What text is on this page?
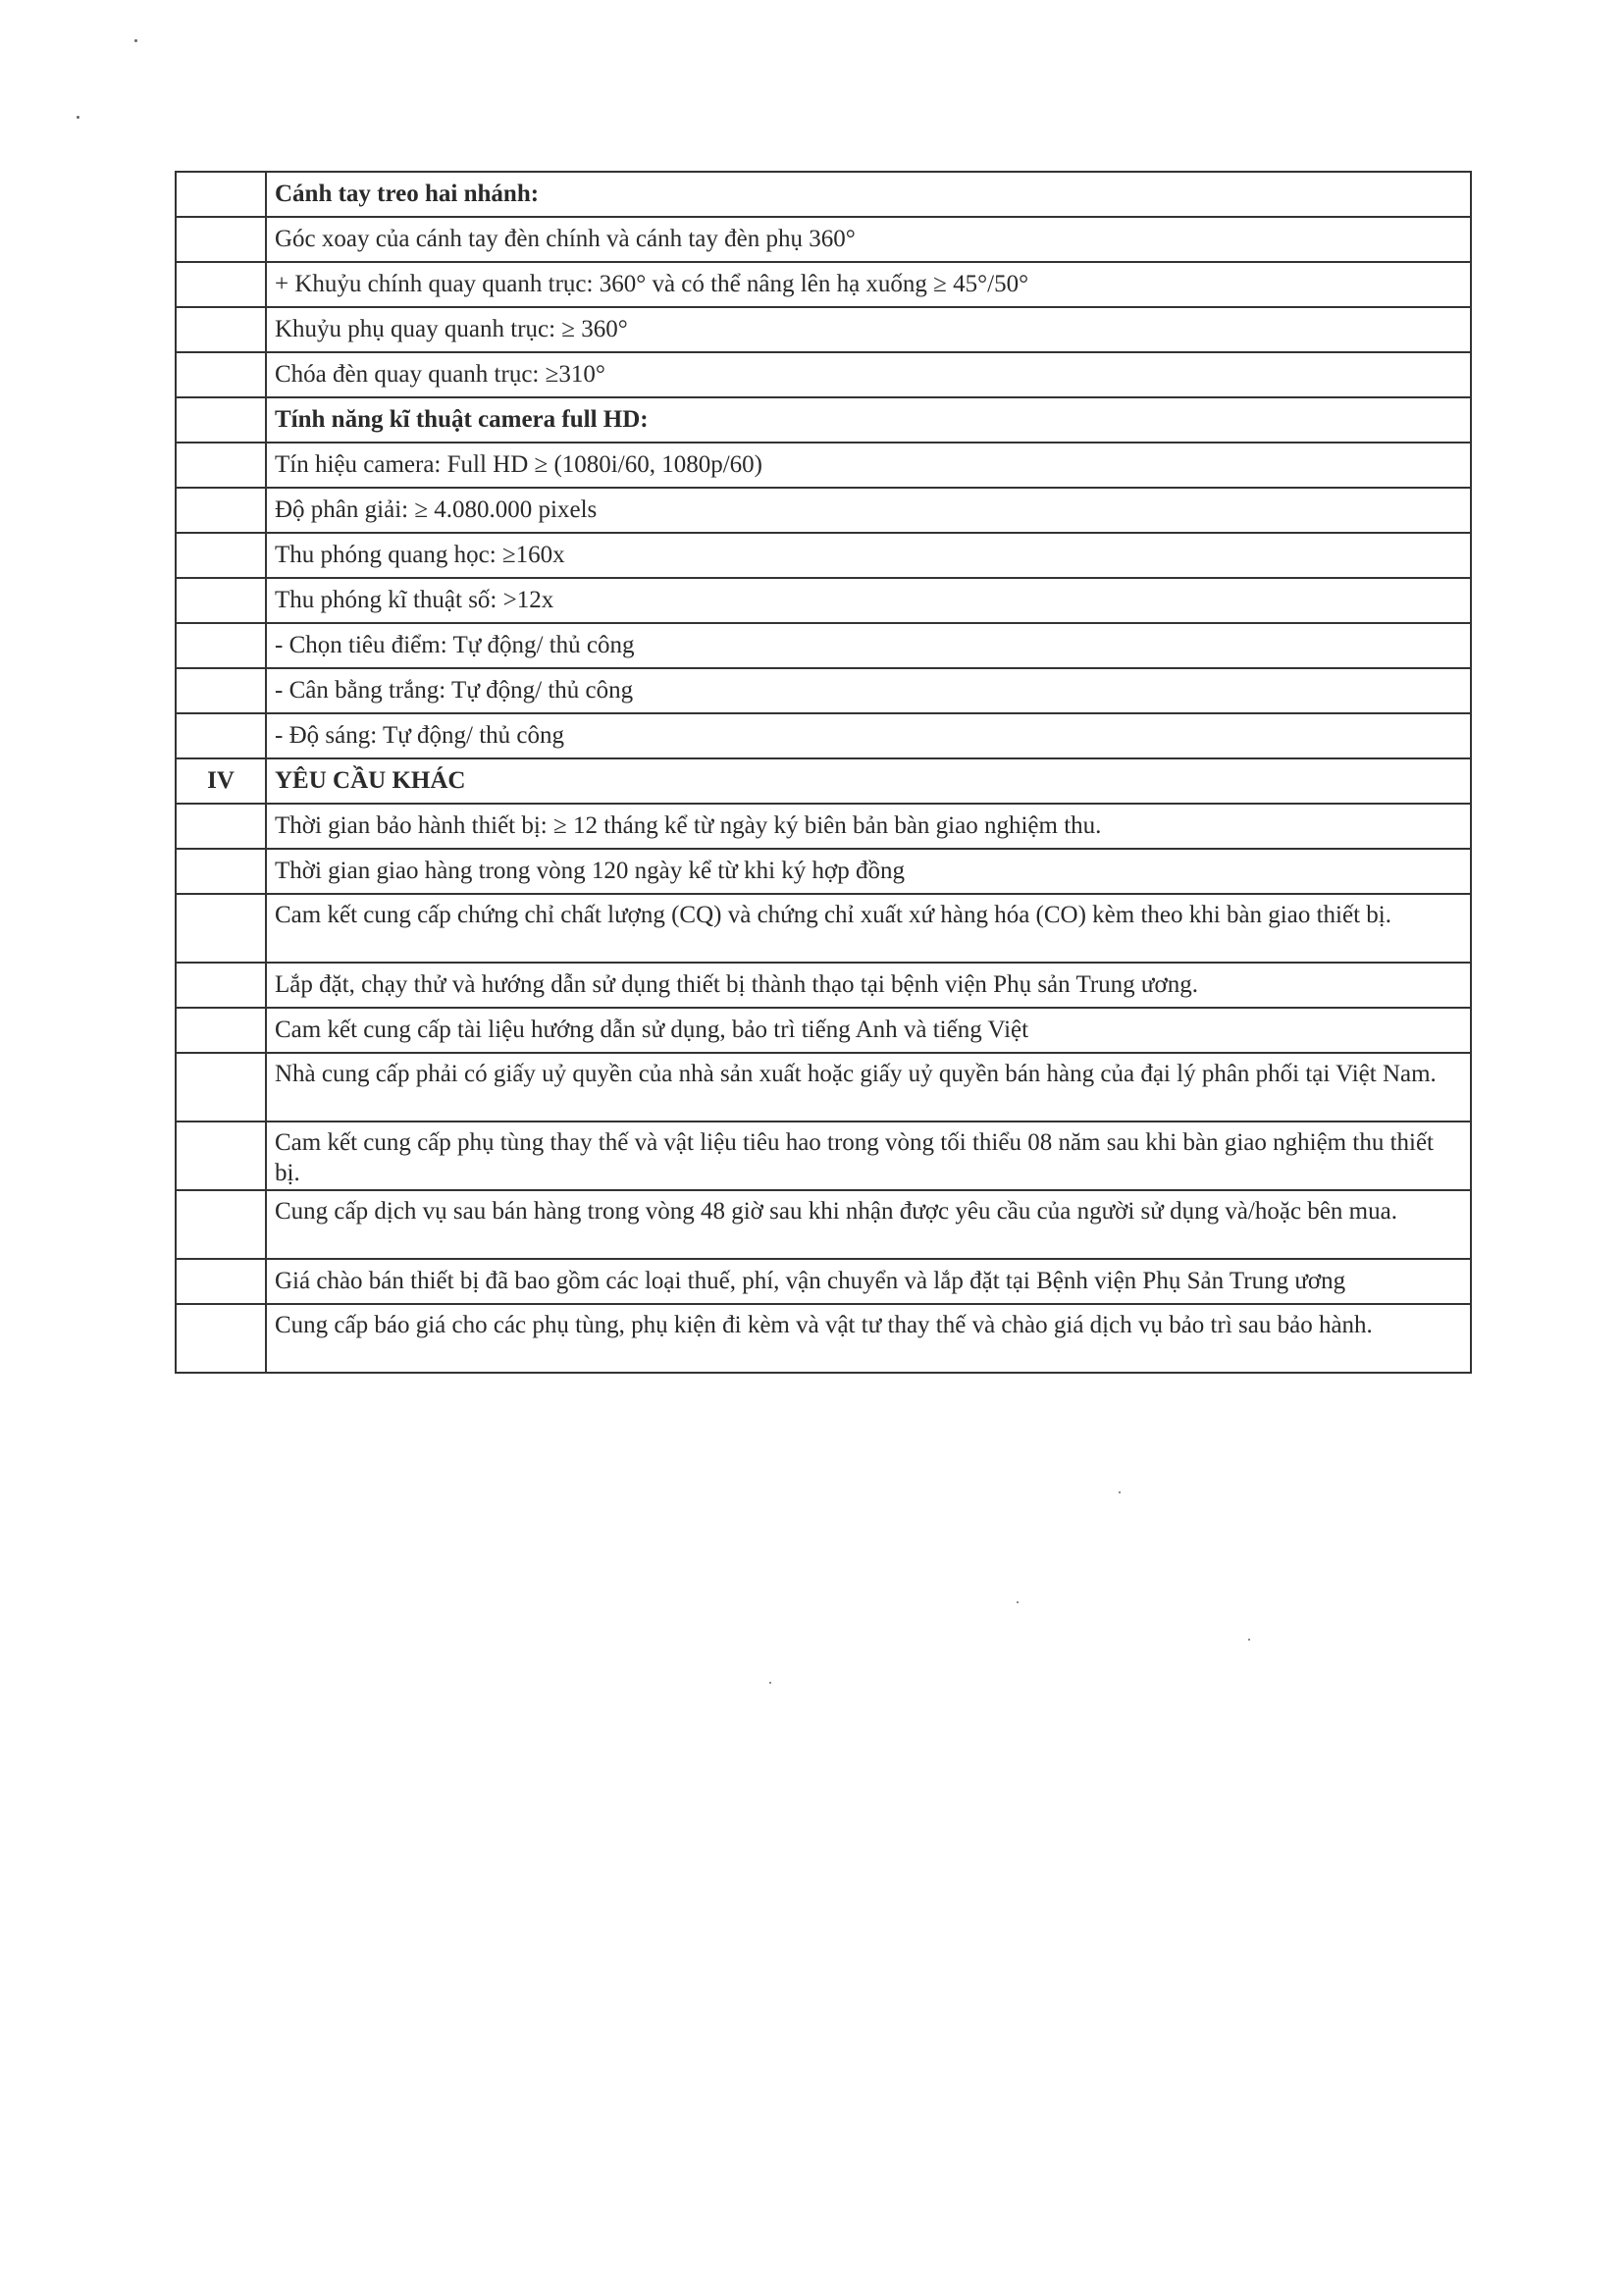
	Cánh tay treo hai nhánh:
	Góc xoay của cánh tay đèn chính và cánh tay đèn phụ 360°
	+ Khuỷu chính quay quanh trục: 360° và có thể nâng lên hạ xuống ≥ 45°/50°
	Khuỷu phụ quay quanh trục: ≥ 360°
	Chóa đèn quay quanh trục: ≥310°
	Tính năng kĩ thuật camera full HD:
	Tín hiệu camera: Full HD ≥ (1080i/60, 1080p/60)
	Độ phân giải: ≥ 4.080.000 pixels
	Thu phóng quang học: ≥160x
	Thu phóng kĩ thuật số: >12x
	- Chọn tiêu điểm: Tự động/ thủ công
	- Cân bằng trắng: Tự động/ thủ công
	- Độ sáng: Tự động/ thủ công
IV	YÊU CẦU KHÁC
	Thời gian bảo hành thiết bị: ≥ 12 tháng kể từ ngày ký biên bản bàn giao nghiệm thu.
	Thời gian giao hàng trong vòng 120 ngày kể từ khi ký hợp đồng
	Cam kết cung cấp chứng chỉ chất lượng (CQ) và chứng chỉ xuất xứ hàng hóa (CO) kèm theo khi bàn giao thiết bị.
	Lắp đặt, chạy thử và hướng dẫn sử dụng thiết bị thành thạo tại bệnh viện Phụ sản Trung ương.
	Cam kết cung cấp tài liệu hướng dẫn sử dụng, bảo trì tiếng Anh và tiếng Việt
	Nhà cung cấp phải có giấy uỷ quyền của nhà sản xuất hoặc giấy uỷ quyền bán hàng của đại lý phân phối tại Việt Nam.
	Cam kết cung cấp phụ tùng thay thế và vật liệu tiêu hao trong vòng tối thiểu 08 năm sau khi bàn giao nghiệm thu thiết bị.
	Cung cấp dịch vụ sau bán hàng trong vòng 48 giờ sau khi nhận được yêu cầu của người sử dụng và/hoặc bên mua.
	Giá chào bán thiết bị đã bao gồm các loại thuế, phí, vận chuyển và lắp đặt tại Bệnh viện Phụ Sản Trung ương
	Cung cấp báo giá cho các phụ tùng, phụ kiện đi kèm và vật tư thay thế và chào giá dịch vụ bảo trì sau bảo hành.
